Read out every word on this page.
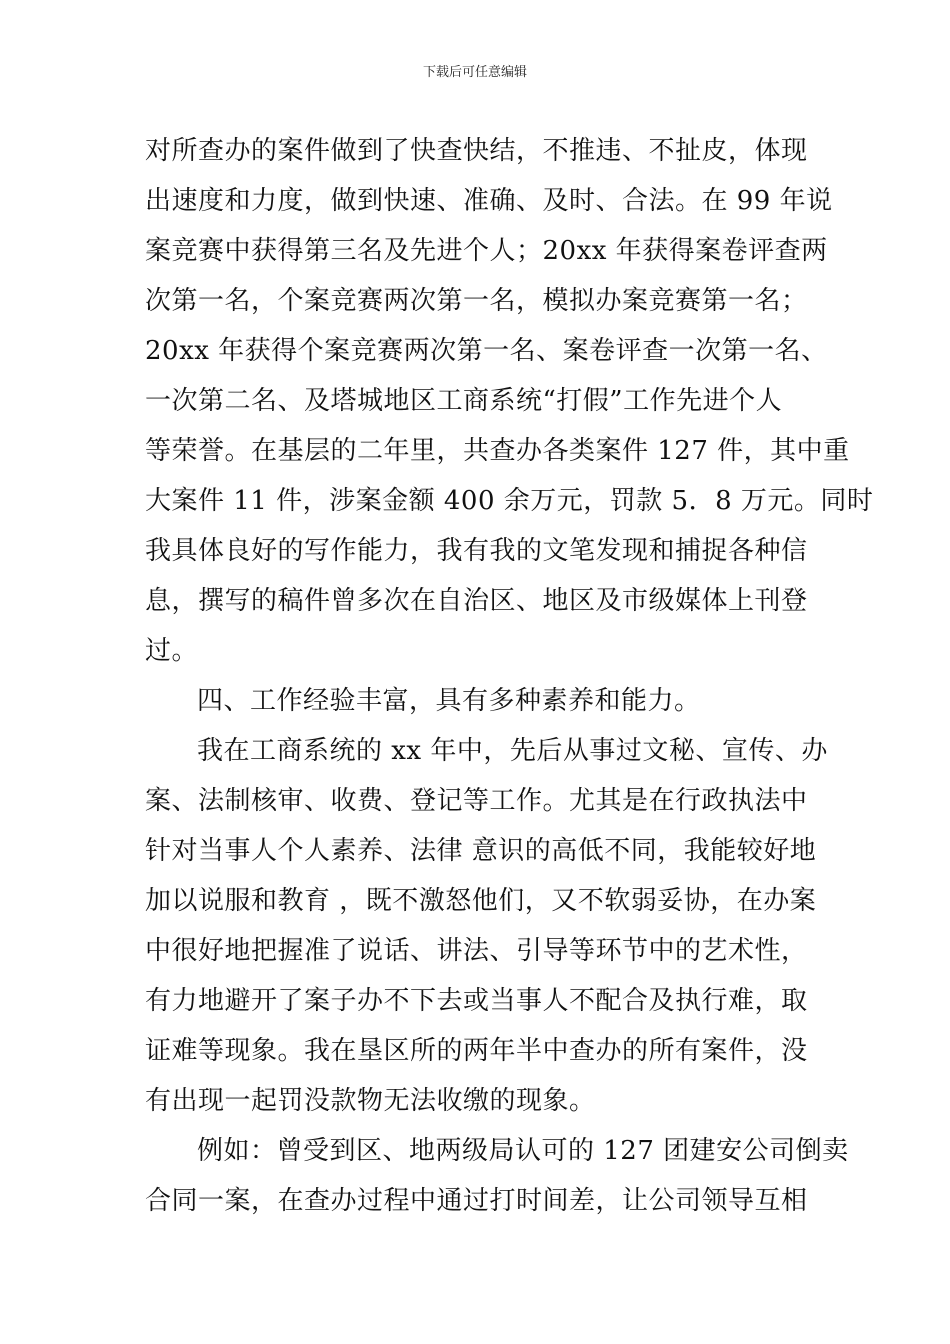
下载后可任意编辑
对所查办的案件做到了快查快结，不推违、不扯皮，体现
出速度和力度，做到快速、准确、及时、合法。在 99 年说
案竞赛中获得第三名及先进个人；20xx 年获得案卷评查两
次第一名，个案竞赛两次第一名，模拟办案竞赛第一名；
20xx 年获得个案竞赛两次第一名、案卷评查一次第一名、
一次第二名、及塔城地区工商系统“打假”工作先进个人
等荣誉。在基层的二年里，共查办各类案件 127 件，其中重
大案件 11 件，涉案金额 400 余万元，罚款 5．8 万元。同时
我具体良好的写作能力，我有我的文笔发现和捕捉各种信
息，撰写的稿件曾多次在自治区、地区及市级媒体上刊登
过。
四、工作经验丰富，具有多种素养和能力。
我在工商系统的 xx 年中，先后从事过文秘、宣传、办
案、法制核审、收费、登记等工作。尤其是在行政执法中
针对当事人个人素养、法律 意识的高低不同，我能较好地
加以说服和教育 ，既不激怒他们，又不软弱妥协，在办案
中很好地把握准了说话、讲法、引导等环节中的艺术性，
有力地避开了案子办不下去或当事人不配合及执行难，取
证难等现象。我在垦区所的两年半中查办的所有案件，没
有出现一起罚没款物无法收缴的现象。
例如：曾受到区、地两级局认可的 127 团建安公司倒卖
合同一案，在查办过程中通过打时间差，让公司领导互相
